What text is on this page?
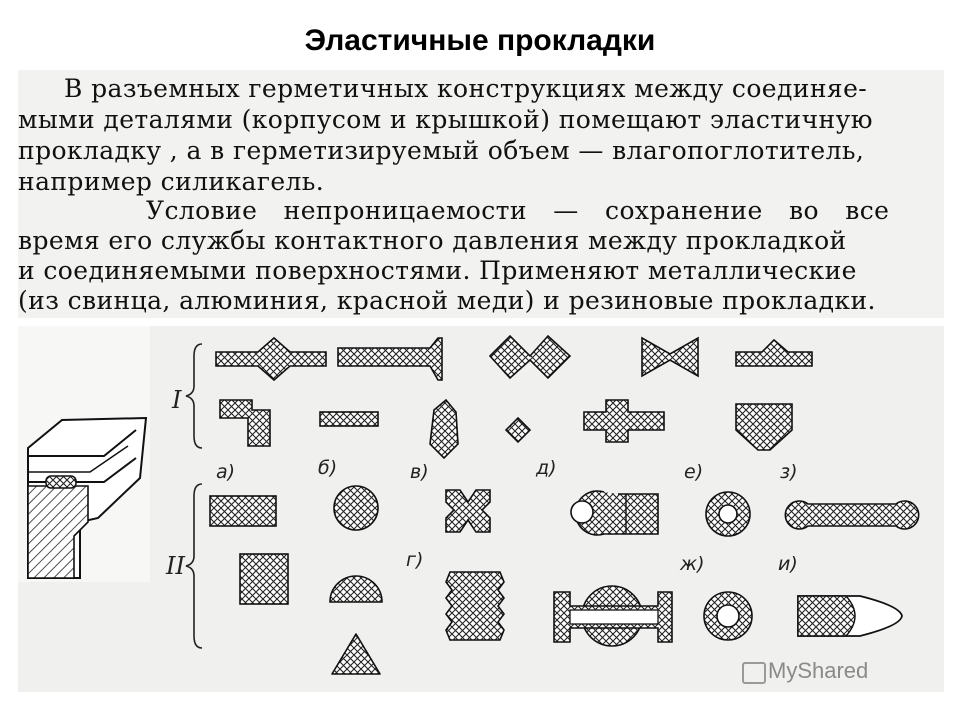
Эластичные прокладки
В разъемных герметичных конструкциях между соединяе-
мыми деталями (корпусом и крышкой) помещают эластичную
прокладку , а в герметизируемый объем — влагопоглотитель,
например силикагель.
Условие непроницаемости — сохранение во все
время его службы контактного давления между прокладкой
и соединяемыми поверхностями. Применяют металлические
(из свинца, алюминия, красной меди) и резиновые прокладки.
I
II
а)	б)	в)	д)	е)	з)
г)	ж)	и)
MyShared
